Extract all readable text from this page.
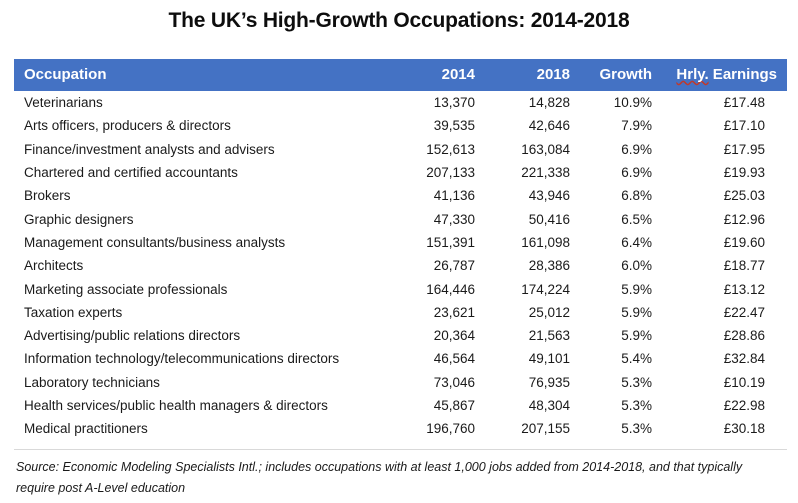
The UK’s High-Growth Occupations: 2014-2018
Occupation	2014	2018	Growth	Hrly. Earnings
Veterinarians	13,370	14,828	10.9%	£17.48
Arts officers, producers & directors	39,535	42,646	7.9%	£17.10
Finance/investment analysts and advisers	152,613	163,084	6.9%	£17.95
Chartered and certified accountants	207,133	221,338	6.9%	£19.93
Brokers	41,136	43,946	6.8%	£25.03
Graphic designers	47,330	50,416	6.5%	£12.96
Management consultants/business analysts	151,391	161,098	6.4%	£19.60
Architects	26,787	28,386	6.0%	£18.77
Marketing associate professionals	164,446	174,224	5.9%	£13.12
Taxation experts	23,621	25,012	5.9%	£22.47
Advertising/public relations directors	20,364	21,563	5.9%	£28.86
Information technology/telecommunications directors	46,564	49,101	5.4%	£32.84
Laboratory technicians	73,046	76,935	5.3%	£10.19
Health services/public health managers & directors	45,867	48,304	5.3%	£22.98
Medical practitioners	196,760	207,155	5.3%	£30.18
Source: Economic Modeling Specialists Intl.; includes occupations with at least 1,000 jobs added from 2014-2018, and that typically require post A-Level education
